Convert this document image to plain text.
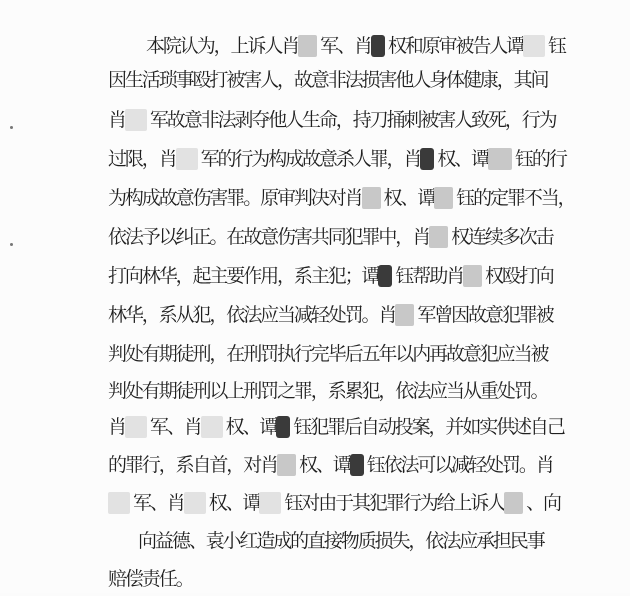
本院认为，上诉人肖 军、肖 权和原审被告人谭 钰

因生活琐事殴打被害人，故意非法损害他人身体健康，其间

肖 军故意非法剥夺他人生命，持刀捅刺被害人致死，行为

过限，肖 军的行为构成故意杀人罪，肖 权、谭 钰的行

为构成故意伤害罪。原审判决对肖 权、谭 钰的定罪不当，

依法予以纠正。在故意伤害共同犯罪中，肖 权连续多次击

打向林华，起主要作用，系主犯；谭 钰帮助肖 权殴打向

林华，系从犯，依法应当减轻处罚。肖 军曾因故意犯罪被

判处有期徒刑，在刑罚执行完毕后五年以内再故意犯应当被

判处有期徒刑以上刑罚之罪，系累犯，依法应当从重处罚。

肖 军、肖 权、谭 钰犯罪后自动投案，并如实供述自己

的罪行，系自首，对肖 权、谭 钰依法可以减轻处罚。肖

军、肖 权、谭 钰对由于其犯罪行为给上诉人 、向

向益德、袁小红造成的直接物质损失，依法应承担民事

赔偿责任。
